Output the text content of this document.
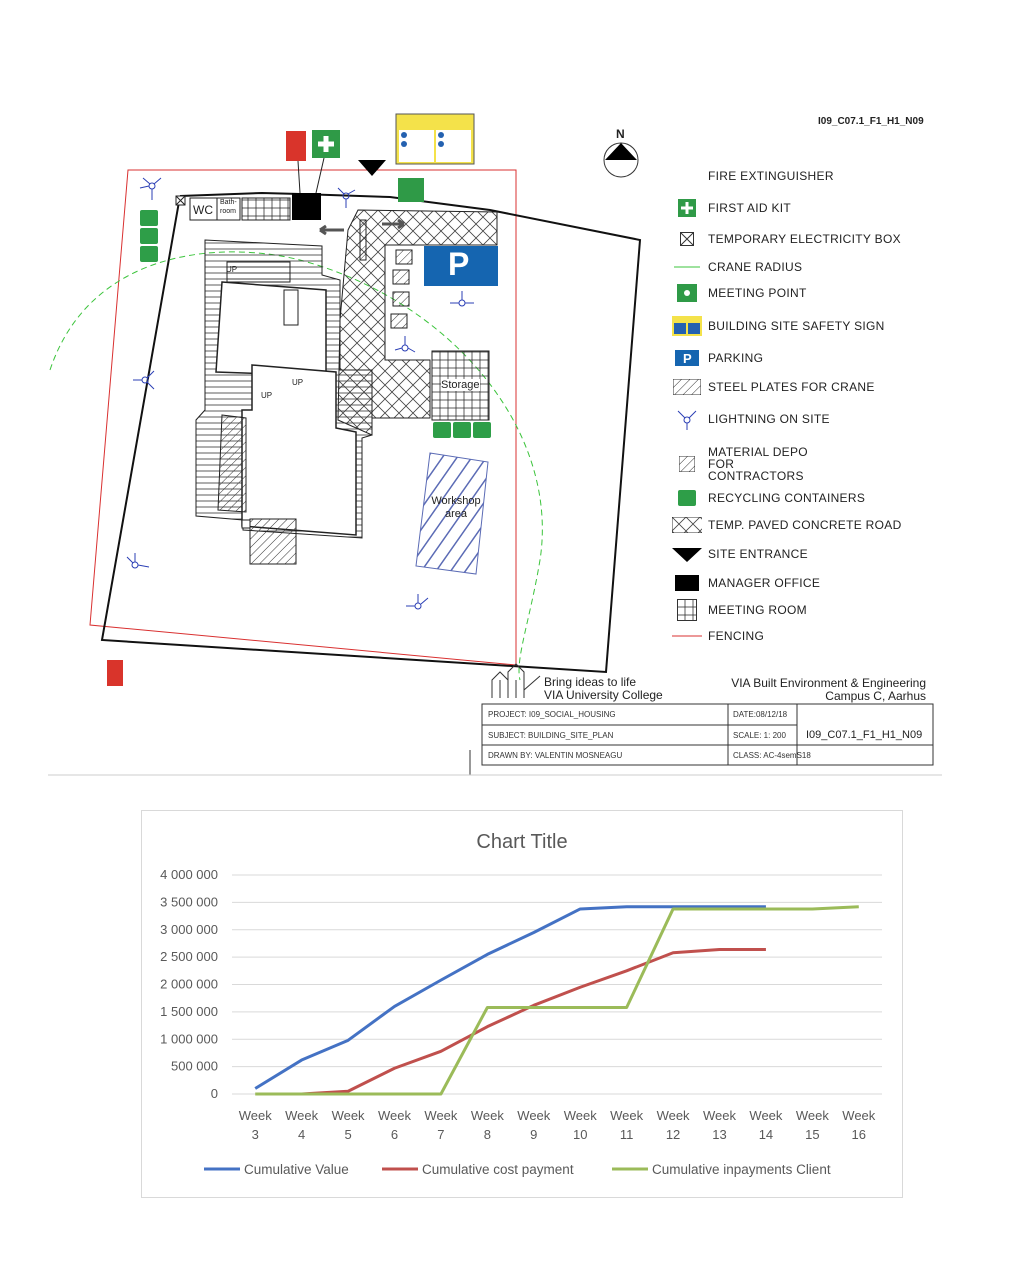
I09_C07.1_F1_H1_N09
WC
Bath-room
P
Storage
Workshop area
UP
UP
UP
N
FIRE EXTINGUISHER
FIRST AID KIT
TEMPORARY ELECTRICITY BOX
CRANE RADIUS
MEETING POINT
BUILDING SITE SAFETY SIGN
P PARKING
STEEL PLATES FOR CRANE
LIGHTNING ON SITE
MATERIAL DEPO FOR CONTRACTORS
RECYCLING CONTAINERS
TEMP. PAVED CONCRETE ROAD
SITE ENTRANCE
MANAGER OFFICE
MEETING ROOM
FENCING
Bring ideas to life
VIA University College
VIA Built Environment & Engineering
Campus C, Aarhus
PROJECT: I09_SOCIAL_HOUSING
SUBJECT: BUILDING_SITE_PLAN
DRAWN BY: VALENTIN MOSNEAGU
DATE:08/12/18
SCALE: 1: 200
CLASS: AC-4semS18
I09_C07.1_F1_H1_N09
Chart Title
0
500 000
1 000 000
1 500 000
2 000 000
2 500 000
3 000 000
3 500 000
4 000 000
Week
3
Week
4
Week
5
Week
6
Week
7
Week
8
Week
9
Week
10
Week
11
Week
12
Week
13
Week
14
Week
15
Week
16
Cumulative Value	Cumulative cost payment	Cumulative inpayments Client
